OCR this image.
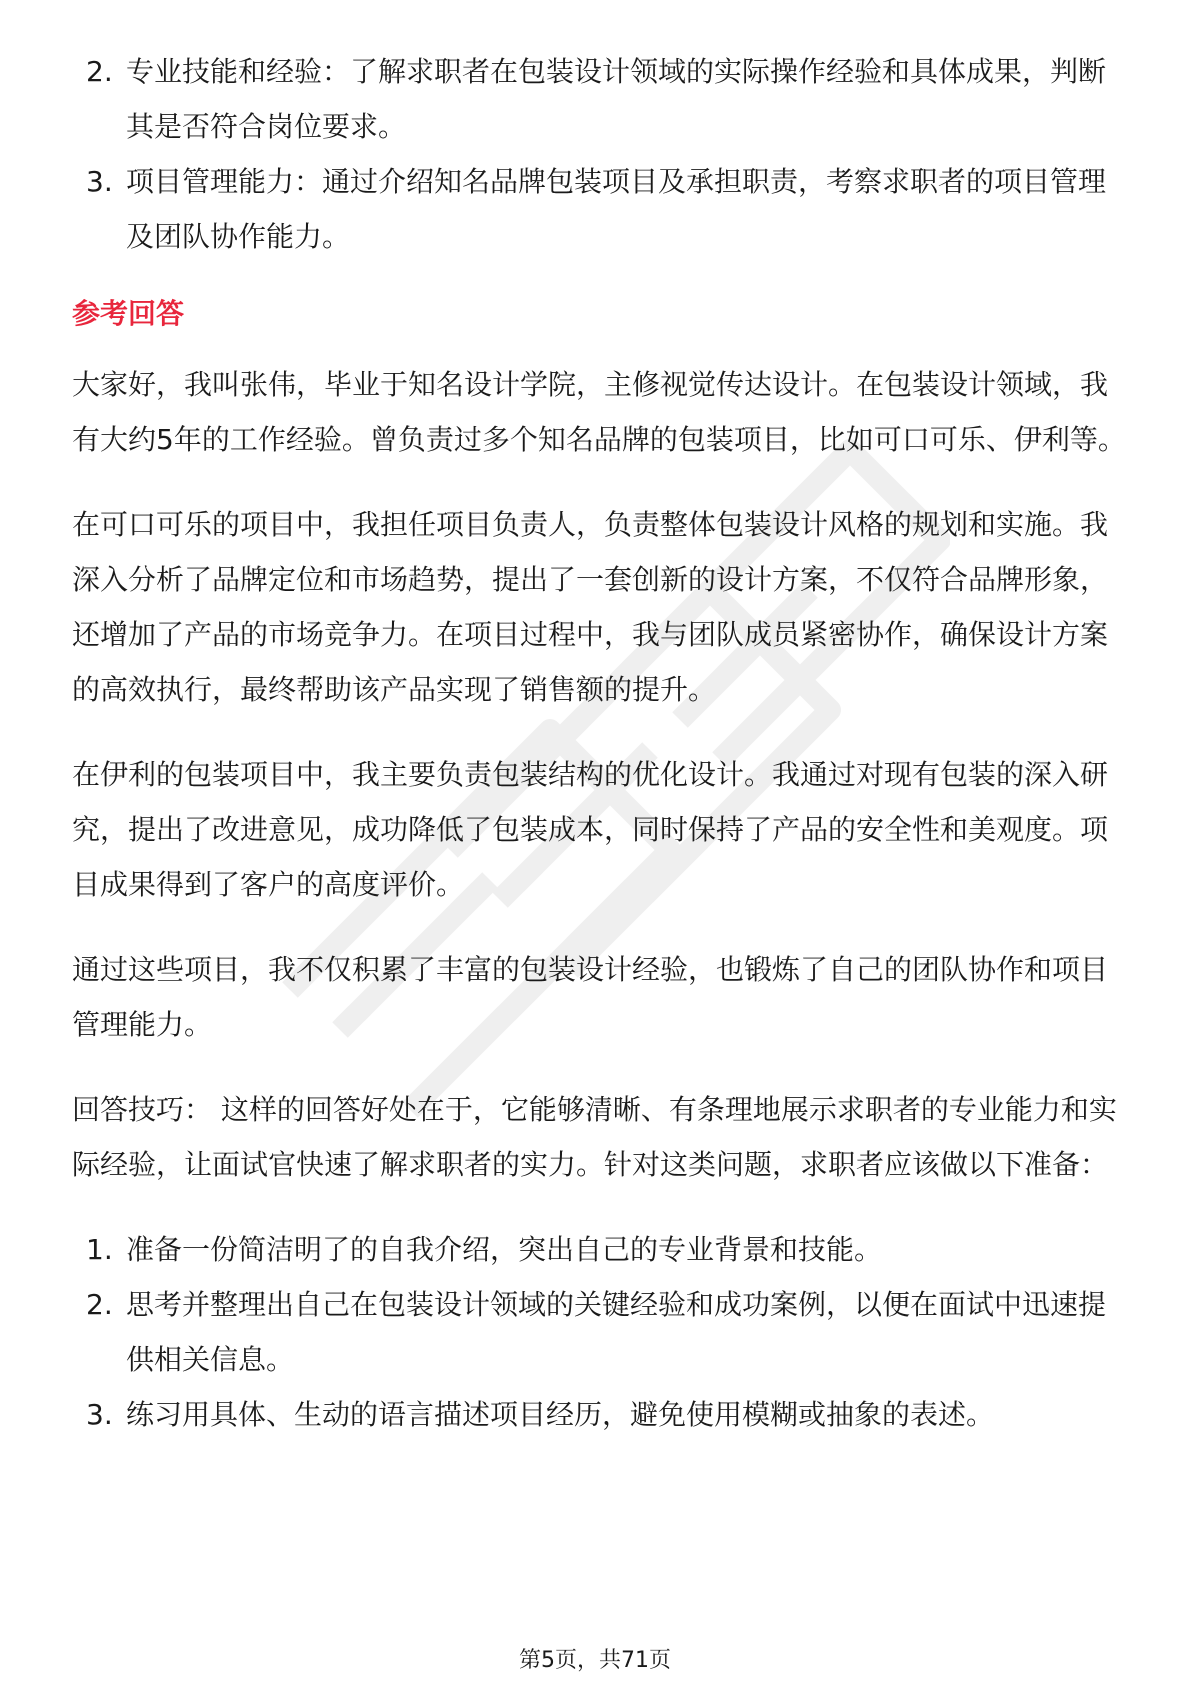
2. 专业技能和经验：了解求职者在包装设计领域的实际操作经验和具体成果，判断其是否符合岗位要求。
3. 项目管理能力：通过介绍知名品牌包装项目及承担职责，考察求职者的项目管理及团队协作能力。
参考回答

大家好，我叫张伟，毕业于知名设计学院，主修视觉传达设计。在包装设计领域，我有大约5年的工作经验。曾负责过多个知名品牌的包装项目，比如可口可乐、伊利等。

在可口可乐的项目中，我担任项目负责人，负责整体包装设计风格的规划和实施。我深入分析了品牌定位和市场趋势，提出了一套创新的设计方案，不仅符合品牌形象，还增加了产品的市场竞争力。在项目过程中，我与团队成员紧密协作，确保设计方案的高效执行，最终帮助该产品实现了销售额的提升。

在伊利的包装项目中，我主要负责包装结构的优化设计。我通过对现有包装的深入研究，提出了改进意见，成功降低了包装成本，同时保持了产品的安全性和美观度。项目成果得到了客户的高度评价。

通过这些项目，我不仅积累了丰富的包装设计经验，也锻炼了自己的团队协作和项目管理能力。

回答技巧： 这样的回答好处在于，它能够清晰、有条理地展示求职者的专业能力和实际经验，让面试官快速了解求职者的实力。针对这类问题，求职者应该做以下准备：

1. 准备一份简洁明了的自我介绍，突出自己的专业背景和技能。
2. 思考并整理出自己在包装设计领域的关键经验和成功案例，以便在面试中迅速提供相关信息。
3. 练习用具体、生动的语言描述项目经历，避免使用模糊或抽象的表述。
第5页，共71页
